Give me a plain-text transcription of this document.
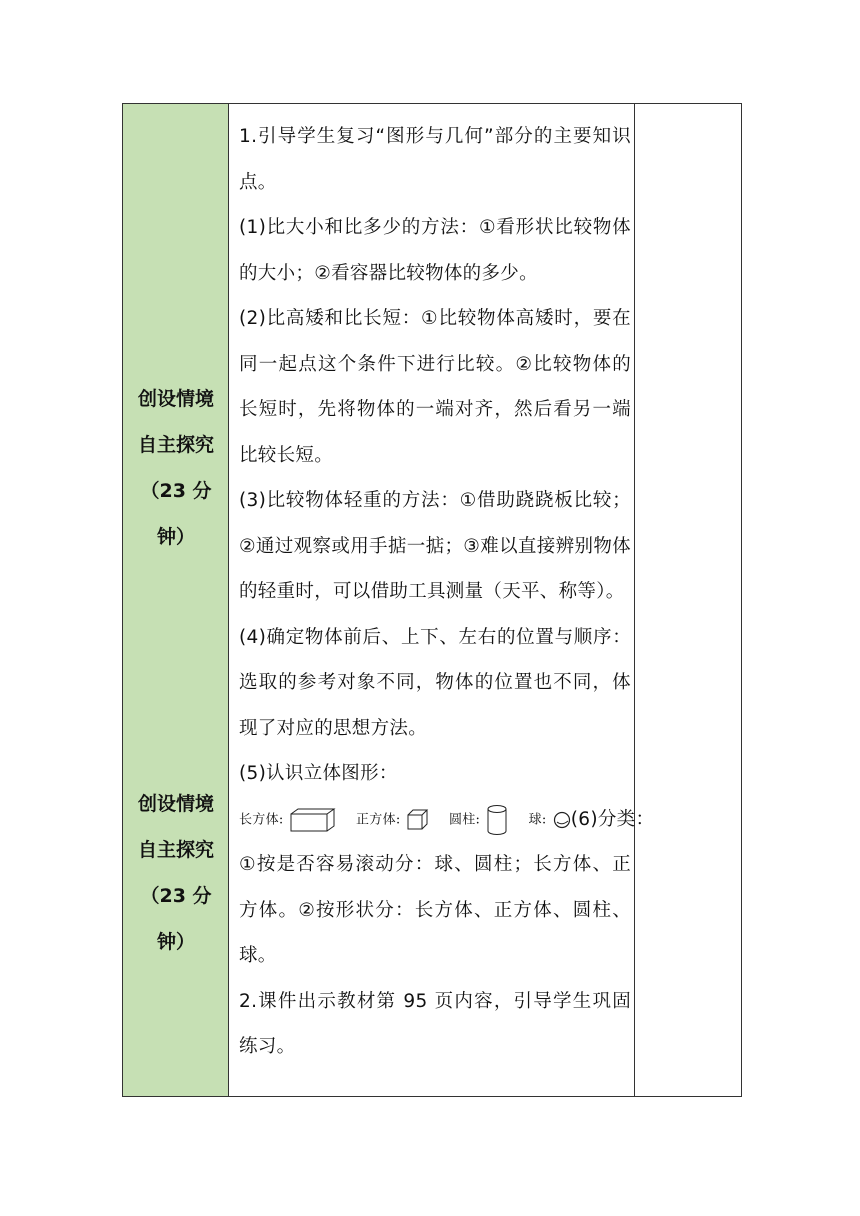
创设情境
自主探究
（23 分
钟）
创设情境
自主探究
（23 分
钟）

1.引导学生复习“图形与几何”部分的主要知识点。

(1)比大小和比多少的方法：①看形状比较物体的大小；②看容器比较物体的多少。

(2)比高矮和比长短：①比较物体高矮时，要在同一起点这个条件下进行比较。②比较物体的长短时，先将物体的一端对齐，然后看另一端比较长短。

(3)比较物体轻重的方法：①借助跷跷板比较；②通过观察或用手掂一掂；③难以直接辨别物体的轻重时，可以借助工具测量（天平、称等）。

(4)确定物体前后、上下、左右的位置与顺序：选取的参考对象不同，物体的位置也不同，体现了对应的思想方法。

(5)认识立体图形：

长方体:	正方体:	圆柱:	球: (6)分类：

①按是否容易滚动分：球、圆柱；长方体、正方体。②按形状分：长方体、正方体、圆柱、球。

2.课件出示教材第 95 页内容，引导学生巩固练习。
